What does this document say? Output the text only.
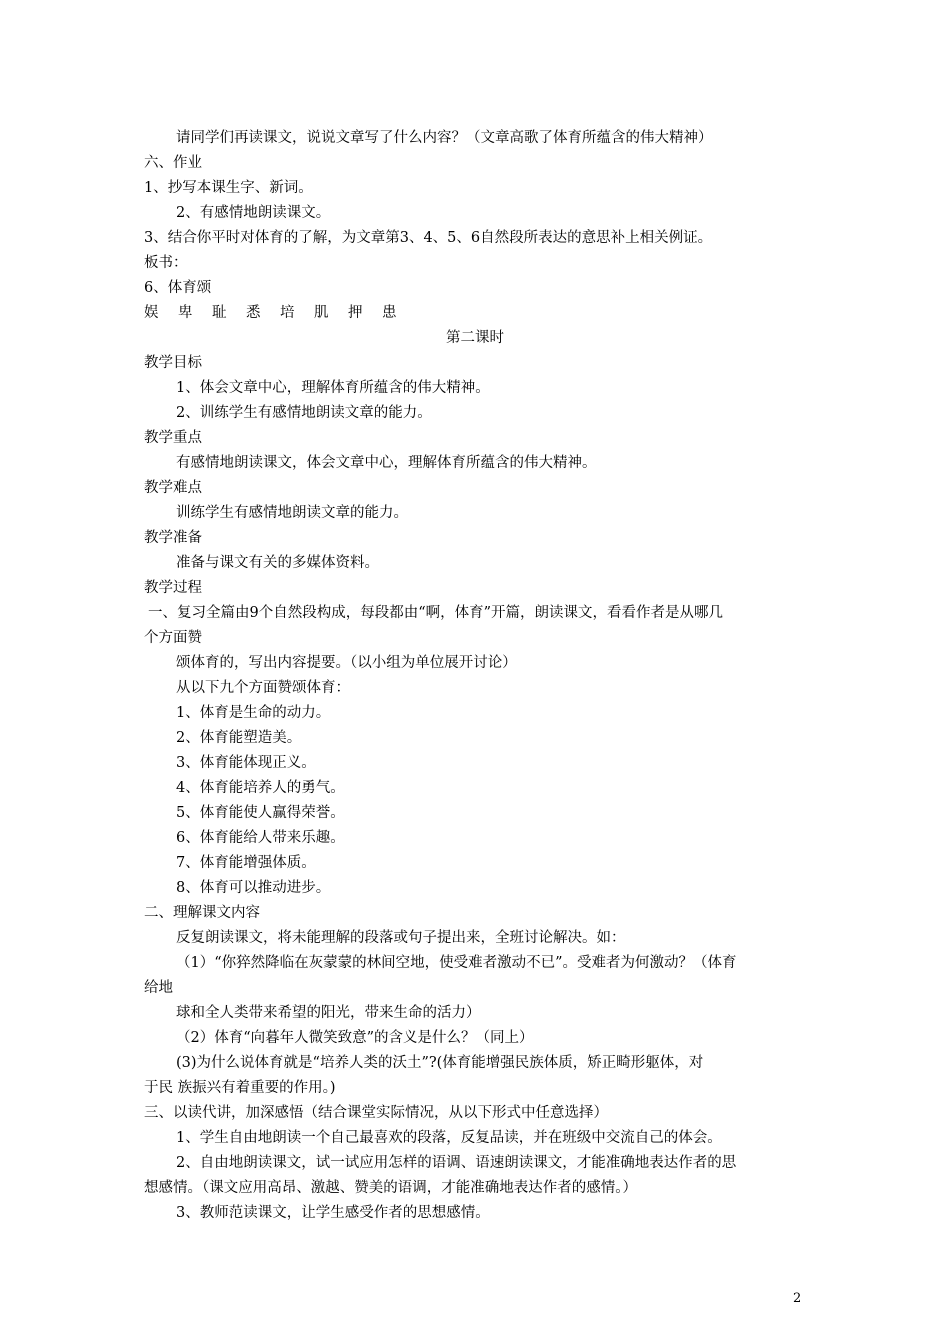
请同学们再读课文，说说文章写了什么内容？（文章高歌了体育所蕴含的伟大精神）
六、作业
1、抄写本课生字、新词。
2、有感情地朗读课文。
3、结合你平时对体育的了解，为文章第3、4、5、6自然段所表达的意思补上相关例证。
板书：
6、体育颂
娱 卑 耻 悉 培 肌 押 患
第二课时
教学目标
1、体会文章中心，理解体育所蕴含的伟大精神。
2、训练学生有感情地朗读文章的能力。
教学重点
有感情地朗读课文，体会文章中心，理解体育所蕴含的伟大精神。
教学难点
训练学生有感情地朗读文章的能力。
教学准备
准备与课文有关的多媒体资料。
教学过程
一、复习全篇由9个自然段构成，每段都由“啊，体育”开篇，朗读课文，看看作者是从哪几
个方面赞
颂体育的，写出内容提要。（以小组为单位展开讨论）
从以下九个方面赞颂体育：
1、体育是生命的动力。
2、体育能塑造美。
3、体育能体现正义。
4、体育能培养人的勇气。
5、体育能使人赢得荣誉。
6、体育能给人带来乐趣。
7、体育能增强体质。
8、体育可以推动进步。
二、理解课文内容
反复朗读课文，将未能理解的段落或句子提出来，全班讨论解决。如：
（1）“你猝然降临在灰蒙蒙的林间空地，使受难者激动不已”。受难者为何激动？（体育
给地
球和全人类带来希望的阳光，带来生命的活力）
（2）体育“向暮年人微笑致意”的含义是什么？（同上）
(3)为什么说体育就是“培养人类的沃土”?(体育能增强民族体质，矫正畸形躯体，对
于民 族振兴有着重要的作用。)
三、以读代讲，加深感悟（结合课堂实际情况，从以下形式中任意选择）
1、学生自由地朗读一个自己最喜欢的段落，反复品读，并在班级中交流自己的体会。
2、自由地朗读课文，试一试应用怎样的语调、语速朗读课文，才能准确地表达作者的思
想感情。（课文应用高昂、激越、赞美的语调，才能准确地表达作者的感情。）
3、教师范读课文，让学生感受作者的思想感情。
2
